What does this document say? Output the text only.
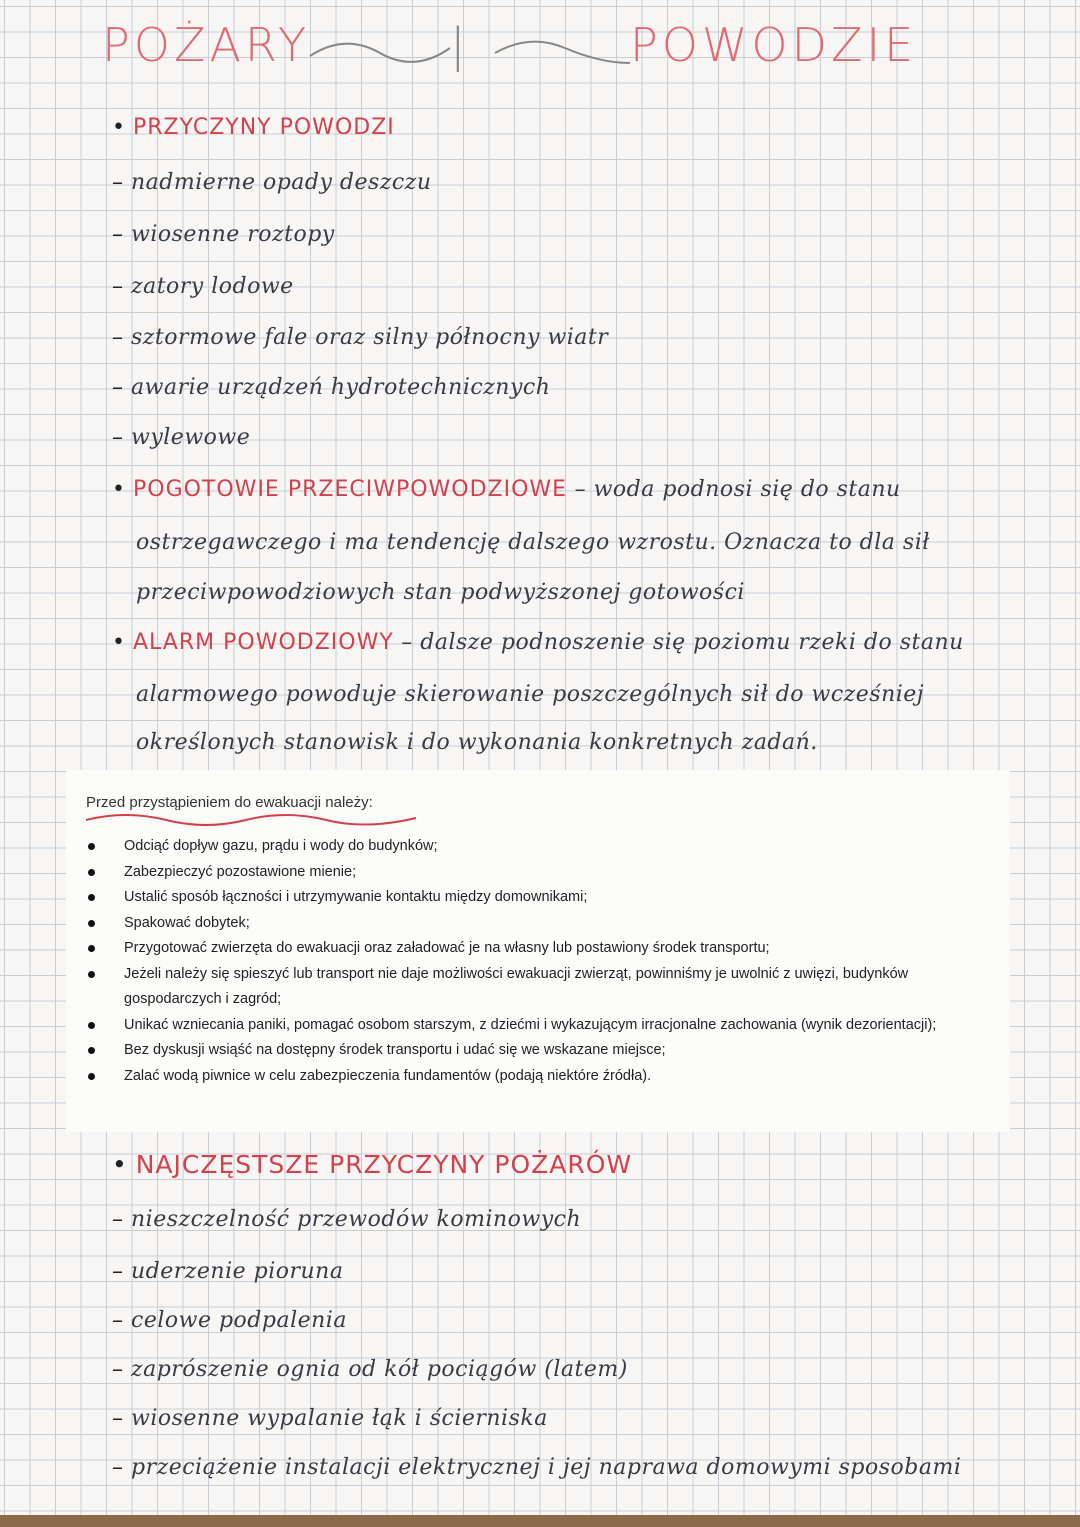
POŻARY	|	POWODZIE
• PRZYCZYNY POWODZI
– nadmierne opady deszczu
– wiosenne roztopy
– zatory lodowe
– sztormowe fale oraz silny północny wiatr
– awarie urządzeń hydrotechnicznych
– wylewowe
• POGOTOWIE PRZECIWPOWODZIOWE – woda podnosi się do stanu
ostrzegawczego i ma tendencję dalszego wzrostu. Oznacza to dla sił
przeciwpowodziowych stan podwyższonej gotowości
• ALARM POWODZIOWY – dalsze podnoszenie się poziomu rzeki do stanu
alarmowego powoduje skierowanie poszczególnych sił do wcześniej
określonych stanowisk i do wykonania konkretnych zadań.
Przed przystąpieniem do ewakuacji należy:
Odciąć dopływ gazu, prądu i wody do budynków;
Zabezpieczyć pozostawione mienie;
Ustalić sposób łączności i utrzymywanie kontaktu między domownikami;
Spakować dobytek;
Przygotować zwierzęta do ewakuacji oraz załadować je na własny lub postawiony środek transportu;
Jeżeli należy się spieszyć lub transport nie daje możliwości ewakuacji zwierząt, powinniśmy je uwolnić z uwięzi, budynków gospodarczych i zagród;
Unikać wzniecania paniki, pomagać osobom starszym, z dziećmi i wykazującym irracjonalne zachowania (wynik dezorientacji);
Bez dyskusji wsiąść na dostępny środek transportu i udać się we wskazane miejsce;
Zalać wodą piwnice w celu zabezpieczenia fundamentów (podają niektóre źródła).
• NAJCZĘSTSZE PRZYCZYNY POŻARÓW
– nieszczelność przewodów kominowych
– uderzenie pioruna
– celowe podpalenia
– zaprószenie ognia od kół pociągów (latem)
– wiosenne wypalanie łąk i ścierniska
– przeciążenie instalacji elektrycznej i jej naprawa domowymi sposobami
